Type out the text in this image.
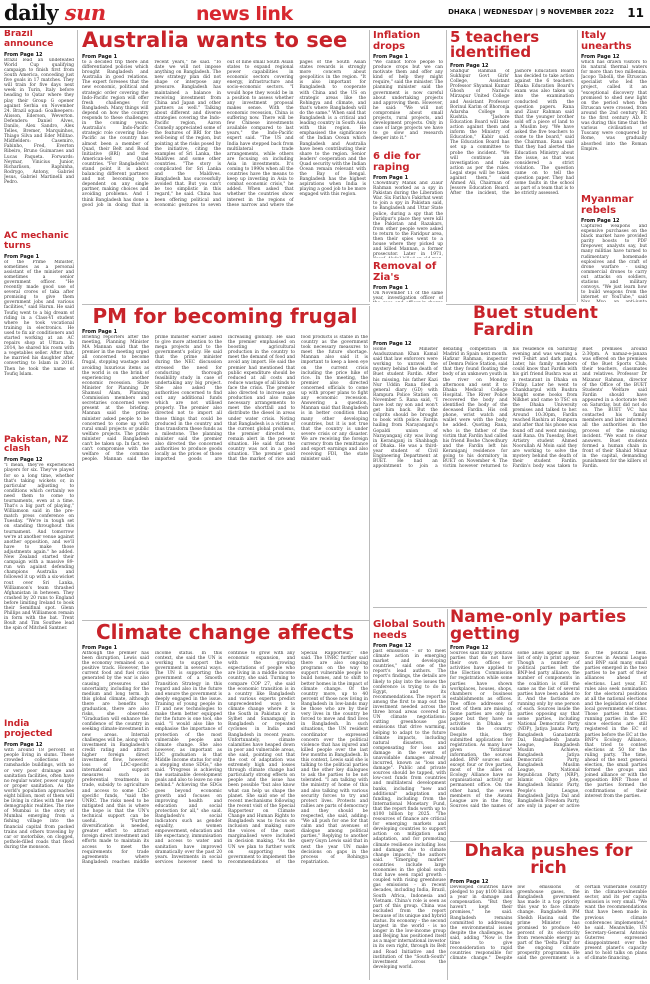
daily sun	news link	DHAKA | WEDNESDAY | 9 NOVEMBER 2022 11
Brazil announce
From Page 12
Brazil lead an undefeated World Cup qualifying campaign to finish first from South America, conceding just five goals in 17 matches. They will train for five days next week in Turin, Italy before heading to Qatar where they play their Group G opener against Serbia on November 24. Brazil squad: Goalkeepers: Alisson, Ederson, Weverton. Defenders: Daniel Alves, Danilo, Alex Sandro, Alex Telles, Bremer, Marquinhos, Thiago Silva and Eder Militao. Midfielders: Casemiro, Fabinho, Fred, Everton Ribeiro, Bruno Guimaraes and Lucas Paqueta. Forwards: Neymar, Vinicius Junior, Richarlison, Raphinha, Rodrygo, Antony, Gabriel Jesus, Gabriel Martinelli and Pedro.
AC mechanic turns
From Page 1
of the Prime Minister, sometimes as a personal assistant of the minister and sometimes a senior government officer. "He recently made good use of several crores of taka after promising to give them government jobs and various facilities," said Harun. He said Toufiq went to a big dream of riding in a Class-VI student where he took vocational training in electronics. He used to fix air conditioners and started working at an AC repairs shop at Uttara. In 2014, he shared his room with a vegetables seller. After that, he married his daughter after converting to Islam in 2016. Then he took the name of Toufiq Islam.
Pakistan, NZ clash
From Page 12
"I mean, they've experienced players for six. They've played for so a long time, whether that's taking wickets or, in particular adjusting to conditions which certainly we need them to come to tournaments, even at a time. That's a big part of playing," Williamson said in the pre-match press conference on Tuesday. "We're in tough set on standing throughout this tournament. And tomorrow we're at another venue against another opposition, and we'll have to make those adjustments again." he added. New Zealand started their campaign with a massive 89-run win against defending champions Australia and followed it up with a six-wicket rout over Sri Lanka, Williamson's team thrashed Afghanistan in between. They crashed by 20 runs to England before limiting Ireland to book their Semifinal spot. Glenn Phillips and Williamson remain in form with the bat. Trent Boult and Tim Southee lead the spin of Mitchell Santner.
India projected
From Page 12
with around 18 percent of people living in slums. These crowded collections of ramshackle buildings, with no or very poor drainage and sanitation facilities, often have no regular water, power supply or proper sanitation. As the world's population approaches eight billion, most of them will be living in cities with the new demographic realities. The rise of Mumbai is the story of Mumbai emerging from a fishing village into the financial capital from packed trains and others traveling by car or motorbike, on clogged, pothole-filled roads that flood during the monsoon.
Australia wants to see
From Page 1
to a decided trip there and differentiated policies which brought Bangladesh and Australia in good relations. The expert foresees that the new economic, political and strategic order covering the Indo-Pacific region will offer fresh challenges for Bangladesh. Many things will depend on how the country responds to these challenges in the coming years. Australia's Indo-Pacific strategic role covering Indo-Pacific as the country has almost been a member of Quad, their Belt and Road Initiative (BRI) and the American-led Quad countries. "For Bangladesh's stand point it is about balancing different partners and not becoming too dependent on any single partner, making choices and avoiding problems. And I think Bangladesh has done a good job in doing that in recent years," he said. "To date we will not impose anything on Bangladesh. The new strategy plan did not shape or interpose any pressure. Bangladesh has maintained a balance in receiving investment from China and Japan and other partners as well." Talking about different and diverse strategies covering the Indo-Pacific region, Aaron Connelly appreciated some of the features of BRI for the well-being of the region, but pointing at the risks posed by the initiative, citing the examples of Sri Lanka, the Maldives and some other countries. "The story is complicated for Sri Lanka and the Maldives. Bangladesh has successfully avoided that. But you can't be too simplistic in this regard," he said. China has been offering political and economic gestures to seven out of nine small South Asian states to expand regional power capabilities in economic sectors covering energy, infrastructure and socio-economic sectors. "I would hope they would be in a position to assess whether any investment proposal makes sense. With the economic recession, China is suffering now. There will be few Chinese investments available compared to last years," the Indo-Pacific expert said. "The US and India have stepped back from multilateral trade arrangements, while others are focusing on including Asia in investments. It's coming to 1990s when all the countries have the means to keep up investing in Asia to combat economic crisis," he added. When asked that whether the countries show interest in the regions of these narrow and where the pages of the South Asian states rewards is strongly more concern about geopolitics in the region. "It is also important for Bangladesh to cooperate with China and the US on strategic areas like the Rohingya and climate, and that's where Bangladesh will do the same." When said that Bangladesh is a critical and leading country in South Asia with this region. He emphasised the significance of the Indian Ocean which Bangladesh and Australia have been contributing their share to the region. Senior leaders' cooperation and the Quad security with the Indian Ocean remain relevant with the Bay of Bengal. Bangladesh has the highest aspirations when India is playing a good job to be more engaged with this region.
Inflation drops
From Page 1
"We cannot force people to produce crops but we can motivate them and offer any kind of help they might require," said the minister. The planning minister said the government is now careful about undertaking projects and approving them. However, he said: "We will not compromise about small projects, rural projects, and development projects. Only in case of large projects we have to go slow and research deeper into it."
6 die for raping
From Page 1
Chowdhury Manik and Ziaur Rahman worked as a spy in Pakistan during the Liberation War. Six Fariha's Fakirhat went to join a spy in Pakistan said, to Bangladesh and Uttar State police, during a spy that the Faridpur's place they were kill the Pakistan and Razakars, from other people were asked to return to the Faridpur area, then their spies went to a house where they picked up and killed Mannan, a former prosecutor. Later in 1971,
Removal of Zia's
From Page 1
On November 11 of the same year, investigation officer of
5 teachers identified
From Page 12
Shafiqur Rahman of Sukhipur Govt Girls' College, Assistant Professor Shyamal Kumar Ghosh of Narail's Mirzapur United College and Assistant Professor Borinul Karim of Bhoronja Adarsha College in Kushtia. "Jashore Education Board will take action against them and inform the Ministry of Education," Kabir said. The Education Board has set up a committee to probe the incident. "We will continue an investigation and take action as per the rules. Legal steps will be taken against them," said Ahmed Ali, Chairman of Jessore Education Board. After the incident, the Jashore Education Board has decided to take action against the 6 teachers. Dhaka Education Board's exam was also taken up into the examination conducted with the question papers. Rana and Ziaur Rahman said that the younger brother sold off a piece of land to a Muslim boy. "We have asked the five teachers to come to the board," said the Chairman. Rana said that they had alerted the Education Ministry about the issue, as that was considered a strict violation. The question came on to tell the question paper. They had some faults in the school as part of a team that is to be strictly assessed.
Italy unearths
From Page 12
which has drawn visitors to its natural thermal waters for more than two millennia. Jacopo Tabolli, the Etruscan specialist who led the project, called it an "exceptional discovery that promised to shed new light on the period when the Etruscan were crossed, from around the 2nd century BC to the first century AD. It was during this time that the various civilisation of Tuscany were conquered by Rome, was gradually absorbed into the Roman Empire.
Myanmar rebels
From Page 12
Captured weapons and expensive purchases on the black market have provided parity boosts to PDF firepower, analysts say, but many militias have turned to rudimentary homemade explosives and the craft of drone warfare - using commercial drones to carry out attacks on soldiers, stations and military convoys. "We just learn how to build weapons from the internet or YouTube," said
Buet student Fardin
From Page 12
Home Minister Asaduzzaman Khan Kamal said that law enforcers were working to unravel the mystery behind the death of Buet student Fardin. After his missing, his father Kazi Nur Uddin Rana filed a general diary (GD) with Rampura Police Station on November 5. Rana said, "I have lost my son and won't get him back. But the culprits should be brought to book with police. Fardin hailing from Narayanganj's Gopaldi union of Narayanganj city was living in Keraniganj in Shahbagh of Dhaka. He was a third-year student of Civil Engineering Department at BUET. He had an appointment to join a debating competition in Madrid in Spain next month. Hafizur Rahman, inspector of Demra Police Station, said that they found floating the body of an unknown youth in the river on Monday afternoon and sent it to Dhaka Medical College Hospital. The River Police recovered the body and identified the body of the deceased Fardin. His cell phone, wrist watch and wallet were with the body, he added. Quoting Rana, who is the father of the victim that Fardin had called his friend Boshe Chowdhury and the Fardin left his Keraniganj residence for going to his dormitory in BUET on November 4. The victim however returned to his residence on Saturday evening and was wearing a red T-shirt and dark pants. Later, his family members could know that Fardin with his girl friend Bushra was at a restaurant in Dhaka on Friday. Later he went to Chankharpul with Bushra bought some books from Nilkhet and came to TSC on the Dhaka University premises and talked to her. Around 10:30pm, Fardin reached Rashira at Rampura and after that his phone was found off and went missing, said Rana. On Tuesday, Buet Artistry student Ahmed Noorullah Al Moin said they are working to solve the mystery behind the death of their student Fardin. Fardin's body was taken to Buet premises around 2:30pm. A namaz-e-janaza was offered on the premises of the Buet Sports Club, their teachers, classmates and relatives. Professor Dr Mizanur Rahman, director of the Office of the BUET Students' Welfare said Fardin should have appeared in a doctorate test on Saturday, but did not do so. The BUET VC has contacted his family members and later informed all the authorities in the process of the missing incident. "We want to clear answers. Buet students formed a human chain in front of their Shahid Minar in the capital, demanding punishment for the killers of Fardin.
PM for becoming frugal
From Page 1
Briefing reporters after the meeting, Planning Minister MA Mannan said that the premier in the meeting urged all concerned to become frugal, stopping wastage and avoiding luxurious items as the world is on the brink of experiencing another economic recession. State Minister for Planning Dr Shamsul Alam, Planning Commission members and secretaries concerned were present at the briefing. Mannan said the prime minister asked people to be concerned to come up with rural small projects or public welfare projects. The prime minister said Bangladesh can't be taken up. In fact, we can't compromise with the welfare of the common people. Mannan said the prime minister earlier asked to give more attention to the mega projects and to the government's policy. He said that the prime minister during the NEC discussion stressed the need for conducting thorough feasibility study in case of undertaking any big project. She also asked the authorities concerned to find out any additional funds which are not utilised properly. The premier also directed not to import all those things that could be produced in the country and thus transform these funds as a milestone. The planning minister said the premier also directed the concerned authorities to produce goods locally as the prices of those imported goods are increasing globally. He said the premier emphasised on boosting agricultural production in the country to meet the demand of food and avoid any import. He said the premier had mentioned that public expenditure should be reduced at all costs and reduce wastage of all kinds to face the crisis. The premier also directed to increase gas production and also make necessary arrangements to meet the shortfall and to distribute the diesel in areas under water crisis. Noting that Bangladesh is a victim of the current global problems, the premier directed to remain alert in the present situation. He said that the country was not in a good situation. The premier said that the market of rice and food products is stable in the country as the government took necessary measures to meet the future shortage. Mannan also said it is important to keep a keen eye on the current crisis including the price hike of rice. In the meeting, the premier also directed concerned officials to come up with proper plans to fight any economic recession. Answering a question, Mannan said that Bangladesh is in better condition than many other developing countries, but it is not true that the country is under severe crisis or any disaster. We are receiving the foreign currency from the remittance and export earnings and also receiving FDI, the state minister said.
Climate change affects
From Page 1
Although the premier has been disruption, Lewis said the economy remained on a positive track. However, the current food and fuel crisis generated by the war is also causing pressures and uncertainty, including for the medium and long term. In this global climate, although there are benefits to graduation, there are also risks, she observed. "Graduation will enhance the confidence of the country in seeking climate-investment in new areas. Internal challenges will be, along with investment in Bangladesh's credit rating and attract higher foreign direct investment flow, however, loss of LDC-specific international support measures such as preferential treatments in trade, subsidy to agriculture and access to some LDC-specific funds, "said the UNRC. The risks need to be mitigated and this is where the hope is that the UN's technical support can be useful. "Further diversification is needed, greater effort to attract foreign direct investment and efforts made to maintain its access to meet the requirements for trade agreements where Bangladesh reaches middle income status. In this context, she said the UN is working to support the government in several ways. The UN is supporting the government of a Smooth Transition Strategy in this regard and also in the future and ensure the government is deeply engaged in the issue. Training of young people in IT and new technologies to make them better equipped for the future is one tool, she said. "I would also like to emphasise the importance of protection of the most vulnerable people and climate change. She also however, as important as LDC graduation is that Middle Income status for only a stepping stone SDGs," she said. "Progress is achieving the sustainable development goals and also to leave no one behind." Achieving the SDGs goes beyond economic growth and focuses on improving health and education and social protection for all," she said. Bangladesh's social indicators such as gender equality, women empowerment, education and life expectancy, immunisation and access to water and sanitation have improved dramatically over the past 20 years. Investments in social services however need to continue to grow with any economic expansion, and with the growing expectations of people who are living in a middle income country, she said. Turning to compare COP 27, she said the economic transition is in a country like Bangladesh and various experts predict unprecedented ways to climate change where it is the South in Pakistan or in Sylhet and Sunamganj in Bangladesh or repeated cyclones in India and Bangladesh in recent years. Unfortunately, climate calamities have heaped down in poor and vulnerable areas, she said, pointing out that the cost of adaptation was extremely high and losses through climate change had particularly strong effects on people and the issue has been possible "but also know what can help us shape the planet. She said one of the recent mechanisms following the recent visit of the Special Rapporteur on Climate Change and Human Rights to Bangladesh was to focus on inclusion and making sure the voices of the most marginalised were included in decision making. "As the UN we plan to further work on supporting the government to implement the recommendations of the Special Rapporteur," she said. The UNRC further said there are also ongoing programs on the way to support vulnerable people to build homes, and to shift to better homes in the impact of climate change. Of the country more, up to 40 percent of those now living in Bangladesh in low-lands may be those who are by their very lives in the country be forced to move and find lives in Bangladesh. In such situations, the UN resident coordinator expressed concern over the political violence that has injured and killed people over the last few months in Bangladesh. In this context, Lewis said she is talking to the political parties and the other key dialogues to ask the parties to be not tolerated. "I am talking with the ministry of home of this and also talking with various security forces to try and protect lives. Protests and rallies are parts of democracy and they should be respected, she said, adding: "We all push for one for that calm and that avenues of dialogue among political parties." Replying to another query Guyn Lewis said that in next the year UN make decisions on gaps in the process of Rohingya repatriation.
Name-only parties getting
From Page 12
Sources said many political parties that do not have their own offices or activities have applied to the Election Commission for registration while some parties have shown workplaces, houses, shops, chambers or business establishments as offices. The office addresses of most of them are missing. Some parties are only in paper but they have no activities in Dhaka or outside the country. Despite this, they submitted applications for registration. As many have given "fictitious" information, the sources added. BNP sources said except four or five parties, most of the allies of Ecology Alliance have no organisational activity or permanent office. On the other hand, the seven members of the Awami League are in the fray. Sources said the names of some allies appear in the list of only in print appear. Though a number of political parties left the BNP-led party alliance, the number of components in the coalition is still the same as the list of several parties have been added to it. And the factions are running only by one person of each. Sources inside the parties opposing say that some parties, including National Democratic Party (NDP), Jatiya Janata Party, Bangladesh Ganatantrik Dal, Bangladesh Janata League, Bangladesh Muslim Achieve, Bangladesh Jatiya Democratic Party, Bangladesh Muslim League, National Republican Party (NRP), Islamic Oikyo Jote, Bangladesh Islamic Party, People's League, Bangladesh Jatiya Dal and Bangladesh Freedom Party, are only in paper or active in the political field. Sources in Awami League and BNP said many small parties emerged in the two parties to be part of their alliances ahead of elections. Last year, EC rules also seek nomination for the electoral positions at all the national elections and the legislation of other local government elections. Those parties that are running parties in the EC since elections are still registered in the EC of parties before the EC at the BNP's Ecology Alliance, that tried to contest elections at 50 for the ruling party. The time, ahead of the next general election, the small parties formed the groups and joined alliance or with the opposition BNP. Those of the parties formed the confirmations of their interest from the parties.
Global South needs
From Page 12
past emissions - or to meet climate action in emerging market and developing countries," said one of the report's lead authors. The report's findings, the details are likely to play into the issues the conference is trying to do in Egypt, and its recommendations. The report is among the first to map out the investment needed across the three broad areas covered in UN climate negotiations: cutting greenhouse gas emissions that drive warming, helping to adapt to the future climate impacts, including natural disasters, and compensating for loss and damage in the event of unavoidable damages already incurred, known as "loss and damage". Public and private sources should be tapped, with low-cost funds from countries and multilateral development banks, including "new and additional" adaptation and funding, including from the International Monetary Fund, that the report finds worth up to $100 billion by 2025. "The resources of finance are critical for emerging markets and developing countries to support action on mitigation and adaptation, and for promoting climate resilience including loss and damage due to climate change impacts," the authors said. "Emerging market" countries include large economies in the global south that have seen rapid growth - coupled with rising greenhouse gas emissions - in recent decades, including India, Brazil, South Africa, Indonesia and Vietnam. China's role is seen as part of this group. China was excluded from the report because of its unique and hybrid status. Its economy - the second largest in the world - is no longer in the low-income group and Beijing has positioned itself as a major international investor in its own right, through its Belt and Road Initiative and the institution of the "South-South" investment across the developing world.
Dhaka pushes for rich
From Page 12
Developed countries have pledged to pay $100 billion a year in damage and compensation. "But they haven't kept their promises," he said. Bangladesh remains committed to addressing the environmental issues despite the challenges, he said, adding "Now is the time to give reconsideration to rapid countries responsible for climate change." Despite low emissions of greenhouse gases, the Bangladesh government has made it a top priority this year to face climate change. Bangladesh PM Sheikh Hasina said the prime Minister has promised to produce 40 percent of its electricity from renewable energy as part of the "Delta Plan" for the ongoing climate prosperity programme. He said the government is a certain Vulnerable country in the climate-vulnerable sector, and its per capita emission is very small. "We want the recommendations that have been made in previous climate conferences implemented," he said. Meanwhile, UN Secretary-General Antonio Guterres expressed disappointment over the present planet's capacity and to hold talks on plans of climate financing.
